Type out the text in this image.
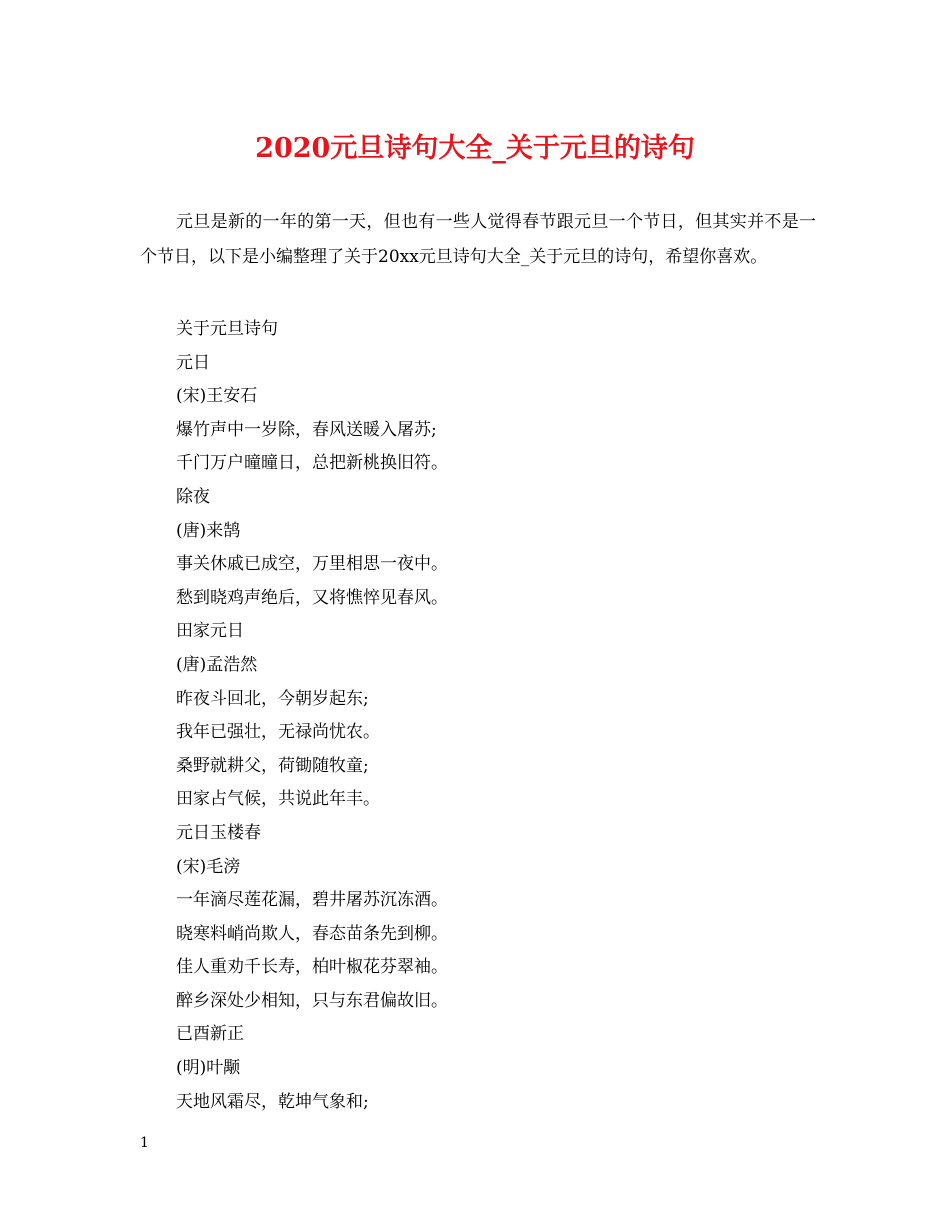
2020元旦诗句大全_关于元旦的诗句
元旦是新的一年的第一天，但也有一些人觉得春节跟元旦一个节日，但其实并不是一个节日，以下是小编整理了关于20xx元旦诗句大全_关于元旦的诗句，希望你喜欢。
关于元旦诗句
元日
(宋)王安石
爆竹声中一岁除，春风送暖入屠苏;
千门万户曈曈日，总把新桃换旧符。
除夜
(唐)来鹄
事关休戚已成空，万里相思一夜中。
愁到晓鸡声绝后，又将憔悴见春风。
田家元日
(唐)孟浩然
昨夜斗回北，今朝岁起东;
我年已强壮，无禄尚忧农。
桑野就耕父，荷锄随牧童;
田家占气候，共说此年丰。
元日玉楼春
(宋)毛滂
一年滴尽莲花漏，碧井屠苏沉冻酒。
晓寒料峭尚欺人，春态苗条先到柳。
佳人重劝千长寿，柏叶椒花芬翠袖。
醉乡深处少相知，只与东君偏故旧。
已酉新正
(明)叶颙
天地风霜尽，乾坤气象和;
1
